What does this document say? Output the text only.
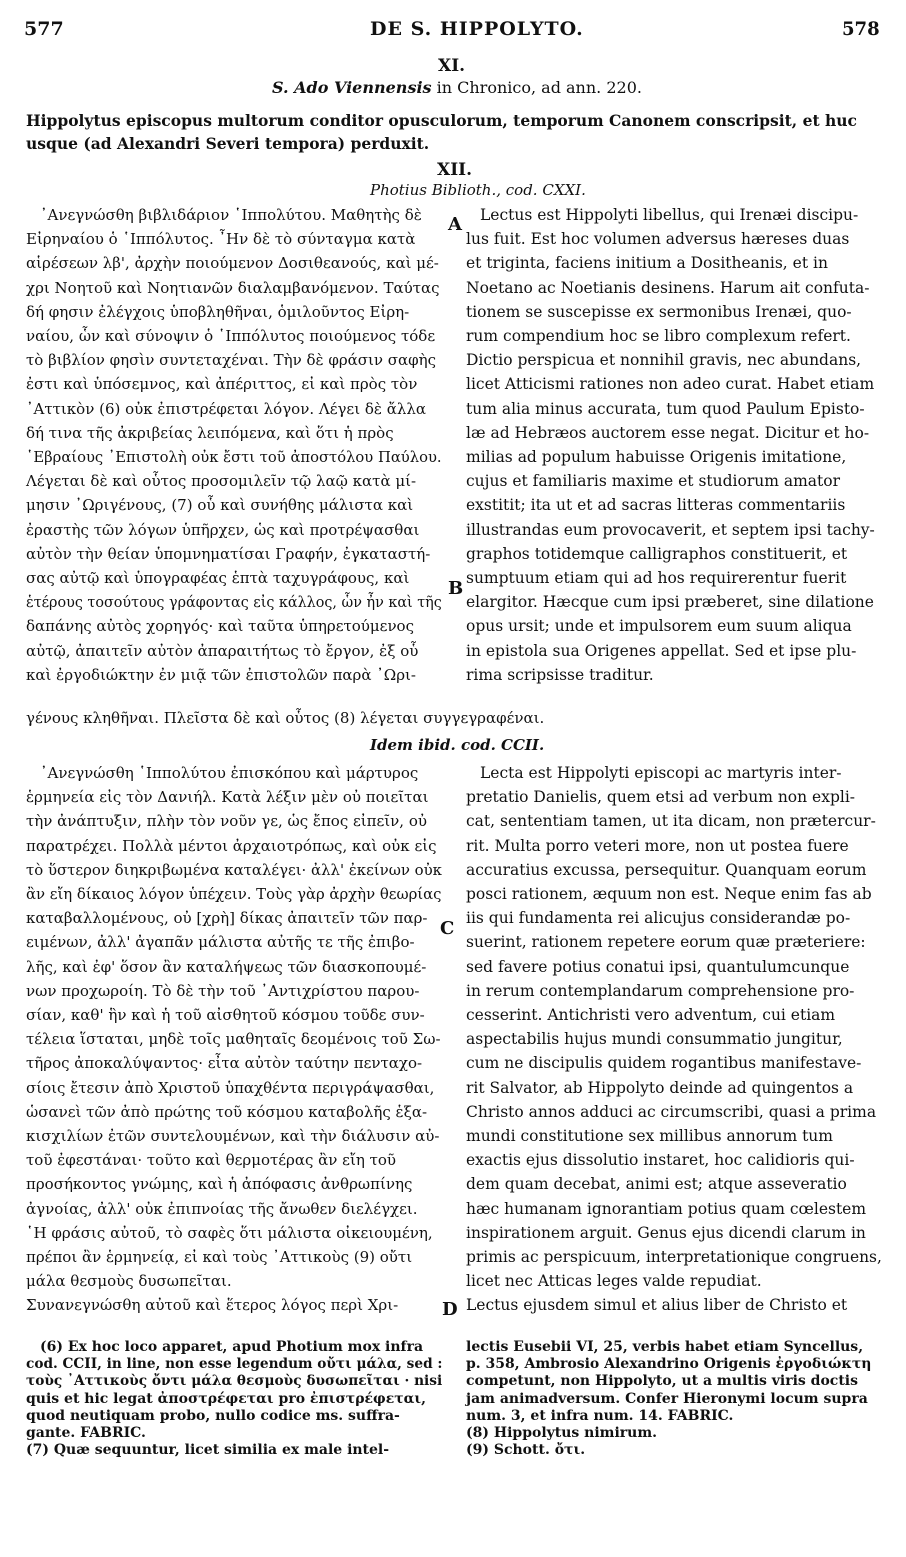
577	DE S. HIPPOLYTO.	578
XI.
S. Ado Viennensis in Chronico, ad ann. 220.
Hippolytus episcopus multorum conditor opusculorum, temporum Canonem conscripsit, et huc
usque (ad Alexandri Severi tempora) perduxit.
XII.
Photius Biblioth., cod. CXXI.
᾿Ανεγνώσθη βιβλιδάριον ῾Ιππολύτου. Μαθητὴς δὲ
Εἰρηναίου ὁ ῾Ιππόλυτος. ῏Ην δὲ τὸ σύνταγμα κατὰ
αἱρέσεων λβ', ἀρχὴν ποιούμενον Δοσιθεανούς, καὶ μέ-
χρι Νοητοῦ καὶ Νοητιανῶν διαλαμβανόμενον. Ταύτας
δή φησιν ἐλέγχοις ὑποβληθῆναι, ὁμιλοῦντος Εἰρη-
ναίου, ὧν καὶ σύνοψιν ὁ ῾Ιππόλυτος ποιούμενος τόδε
τὸ βιβλίον φησὶν συντεταχέναι. Τὴν δὲ φράσιν σαφὴς
ἐστι καὶ ὑπόσεμνος, καὶ ἀπέριττος, εἰ καὶ πρὸς τὸν
᾿Αττικὸν (6) οὐκ ἐπιστρέφεται λόγον. Λέγει δὲ ἄλλα
δή τινα τῆς ἀκριβείας λειπόμενα, καὶ ὅτι ἡ πρὸς
῾Εβραίους ᾿Επιστολὴ οὐκ ἔστι τοῦ ἀποστόλου Παύλου.
Λέγεται δὲ καὶ οὗτος προσομιλεῖν τῷ λαῷ κατὰ μί-
μησιν ᾿Ωριγένους, (7) οὗ καὶ συνήθης μάλιστα καὶ
ἐραστὴς τῶν λόγων ὑπῆρχεν, ὡς καὶ προτρέψασθαι
αὐτὸν τὴν θείαν ὑπομνηματίσαι Γραφήν, ἐγκαταστή-
σας αὐτῷ καὶ ὑπογραφέας ἑπτὰ ταχυγράφους, καὶ
ἑτέρους τοσούτους γράφοντας εἰς κάλλος, ὧν ἦν καὶ τῆς
δαπάνης αὐτὸς χορηγός· καὶ ταῦτα ὑπηρετούμενος
αὐτῷ, ἀπαιτεῖν αὐτὸν ἀπαραιτήτως τὸ ἔργον, ἐξ οὗ
καὶ ἐργοδιώκτην ἐν μιᾷ τῶν ἐπιστολῶν παρὰ ᾿Ωρι-
Lectus est Hippolyti libellus, qui Irenæi discipu-
lus fuit. Est hoc volumen adversus hæreses duas
et triginta, faciens initium a Dositheanis, et in
Noetano ac Noetianis desinens. Harum ait confuta-
tionem se suscepisse ex sermonibus Irenæi, quo-
rum compendium hoc se libro complexum refert.
Dictio perspicua et nonnihil gravis, nec abundans,
licet Atticismi rationes non adeo curat. Habet etiam
tum alia minus accurata, tum quod Paulum Episto-
læ ad Hebræos auctorem esse negat. Dicitur et ho-
milias ad populum habuisse Origenis imitatione,
cujus et familiaris maxime et studiorum amator
exstitit; ita ut et ad sacras litteras commentariis
illustrandas eum provocaverit, et septem ipsi tachy-
graphos totidemque calligraphos constituerit, et
sumptuum etiam qui ad hos requirerentur fuerit
elargitor. Hæcque cum ipsi præberet, sine dilatione
opus ursit; unde et impulsorem eum suum aliqua
in epistola sua Origenes appellat. Sed et ipse plu-
rima scripsisse traditur.
γένους κληθῆναι. Πλεῖστα δὲ καὶ οὗτος (8) λέγεται συγγεγραφέναι.
Idem ibid. cod. CCII.
᾿Ανεγνώσθη ῾Ιππολύτου ἐπισκόπου καὶ μάρτυρος
ἑρμηνεία εἰς τὸν Δανιήλ. Κατὰ λέξιν μὲν οὐ ποιεῖται
τὴν ἀνάπτυξιν, πλὴν τὸν νοῦν γε, ὡς ἔπος εἰπεῖν, οὐ
παρατρέχει. Πολλὰ μέντοι ἀρχαιοτρόπως, καὶ οὐκ εἰς
τὸ ὕστερον διηκριβωμένα καταλέγει· ἀλλ' ἐκείνων οὐκ
ἂν εἴη δίκαιος λόγον ὑπέχειν. Τοὺς γὰρ ἀρχὴν θεωρίας
καταβαλλομένους, οὐ [χρὴ] δίκας ἀπαιτεῖν τῶν παρ-
ειμένων, ἀλλ' ἀγαπᾶν μάλιστα αὐτῆς τε τῆς ἐπιβο-
λῆς, καὶ ἐφ' ὅσον ἂν καταλήψεως τῶν διασκοπουμέ-
νων προχωροίη. Τὸ δὲ τὴν τοῦ ᾿Αντιχρίστου παρου-
σίαν, καθ' ἣν καὶ ἡ τοῦ αἰσθητοῦ κόσμου τοῦδε συν-
τέλεια ἵσταται, μηδὲ τοῖς μαθηταῖς δεομένοις τοῦ Σω-
τῆρος ἀποκαλύψαντος· εἶτα αὐτὸν ταύτην πενταχο-
σίοις ἔτεσιν ἀπὸ Χριστοῦ ὑπαχθέντα περιγράψασθαι,
ὡσανεὶ τῶν ἀπὸ πρώτης τοῦ κόσμου καταβολῆς ἑξα-
κισχιλίων ἐτῶν συντελουμένων, καὶ τὴν διάλυσιν αὐ-
τοῦ ἐφεστάναι· τοῦτο καὶ θερμοτέρας ἂν εἴη τοῦ
προσήκοντος γνώμης, καὶ ἡ ἀπόφασις ἀνθρωπίνης
ἀγνοίας, ἀλλ' οὐκ ἐπιπνοίας τῆς ἄνωθεν διελέγχει.
῾Η φράσις αὐτοῦ, τὸ σαφὲς ὅτι μάλιστα οἰκειουμένη,
πρέποι ἂν ἑρμηνείᾳ, εἰ καὶ τοὺς ᾿Αττικοὺς (9) οὔτι
μάλα θεσμοὺς δυσωπεῖται.
Συνανεγνώσθη αὐτοῦ καὶ ἕτερος λόγος περὶ Χρι-
Lecta est Hippolyti episcopi ac martyris inter-
pretatio Danielis, quem etsi ad verbum non expli-
cat, sententiam tamen, ut ita dicam, non prætercur-
rit. Multa porro veteri more, non ut postea fuere
accuratius excussa, persequitur. Quanquam eorum
posci rationem, æquum non est. Neque enim fas ab
iis qui fundamenta rei alicujus considerandæ po-
suerint, rationem repetere eorum quæ præteriere:
sed favere potius conatui ipsi, quantulumcunque
in rerum contemplandarum comprehensione pro-
cesserint. Antichristi vero adventum, cui etiam
aspectabilis hujus mundi consummatio jungitur,
cum ne discipulis quidem rogantibus manifestave-
rit Salvator, ab Hippolyto deinde ad quingentos a
Christo annos adduci ac circumscribi, quasi a prima
mundi constitutione sex millibus annorum tum
exactis ejus dissolutio instaret, hoc calidioris qui-
dem quam decebat, animi est; atque asseveratio
hæc humanam ignorantiam potius quam cœlestem
inspirationem arguit. Genus ejus dicendi clarum in
primis ac perspicuum, interpretationique congruens,
licet nec Atticas leges valde repudiat.
Lectus ejusdem simul et alius liber de Christo et
A
B
C
D
(6) Ex hoc loco apparet, apud Photium mox infra
cod. CCII, in line, non esse legendum οὔτι μάλα, sed :
τοὺς ᾿Αττικοὺς ὄντι μάλα θεσμοὺς δυσωπεῖται · nisi
quis et hic legat ἀποστρέφεται pro ἐπιστρέφεται,
quod neutiquam probo, nullo codice ms. suffra-
gante. FABRIC.
(7) Quæ sequuntur, licet similia ex male intel-
lectis Eusebii VI, 25, verbis habet etiam Syncellus,
p. 358, Ambrosio Alexandrino Origenis ἐργοδιώκτη
competunt, non Hippolyto, ut a multis viris doctis
jam animadversum. Confer Hieronymi locum supra
num. 3, et infra num. 14. FABRIC.
(8) Hippolytus nimirum.
(9) Schott. ὄτι.
